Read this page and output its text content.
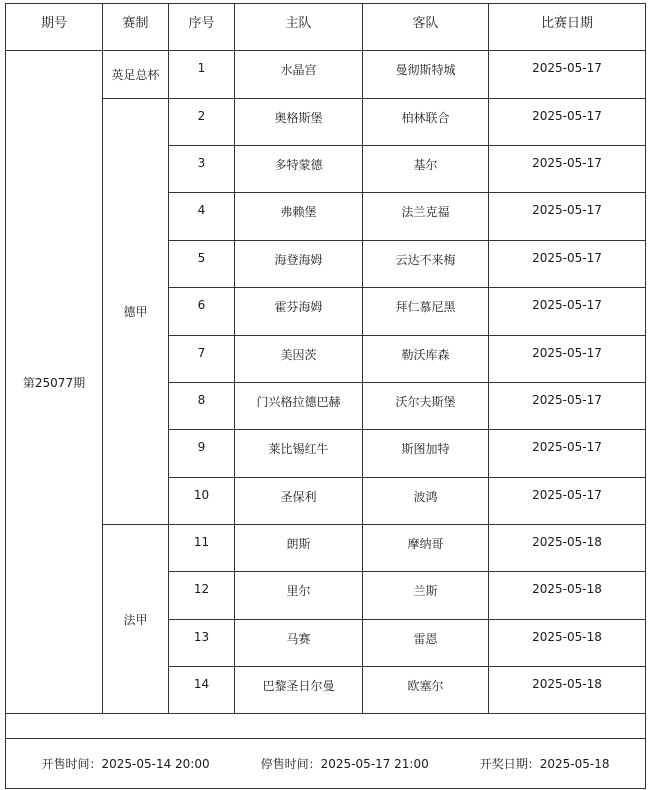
期号	赛制	序号	主队	客队	比赛日期
第25077期	英足总杯	1	水晶宫	曼彻斯特城	2025-05-17
	德甲	2	奥格斯堡	柏林联合	2025-05-17
		3	多特蒙德	基尔	2025-05-17
		4	弗赖堡	法兰克福	2025-05-17
		5	海登海姆	云达不来梅	2025-05-17
		6	霍芬海姆	拜仁慕尼黑	2025-05-17
		7	美因茨	勒沃库森	2025-05-17
		8	门兴格拉德巴赫	沃尔夫斯堡	2025-05-17
		9	莱比锡红牛	斯图加特	2025-05-17
		10	圣保利	波鸿	2025-05-17
	法甲	11	朗斯	摩纳哥	2025-05-18
		12	里尔	兰斯	2025-05-18
		13	马赛	雷恩	2025-05-18
		14	巴黎圣日尔曼	欧塞尔	2025-05-18

开售时间：2025-05-14 20:00 停售时间：2025-05-17 21:00 开奖日期：2025-05-18					
